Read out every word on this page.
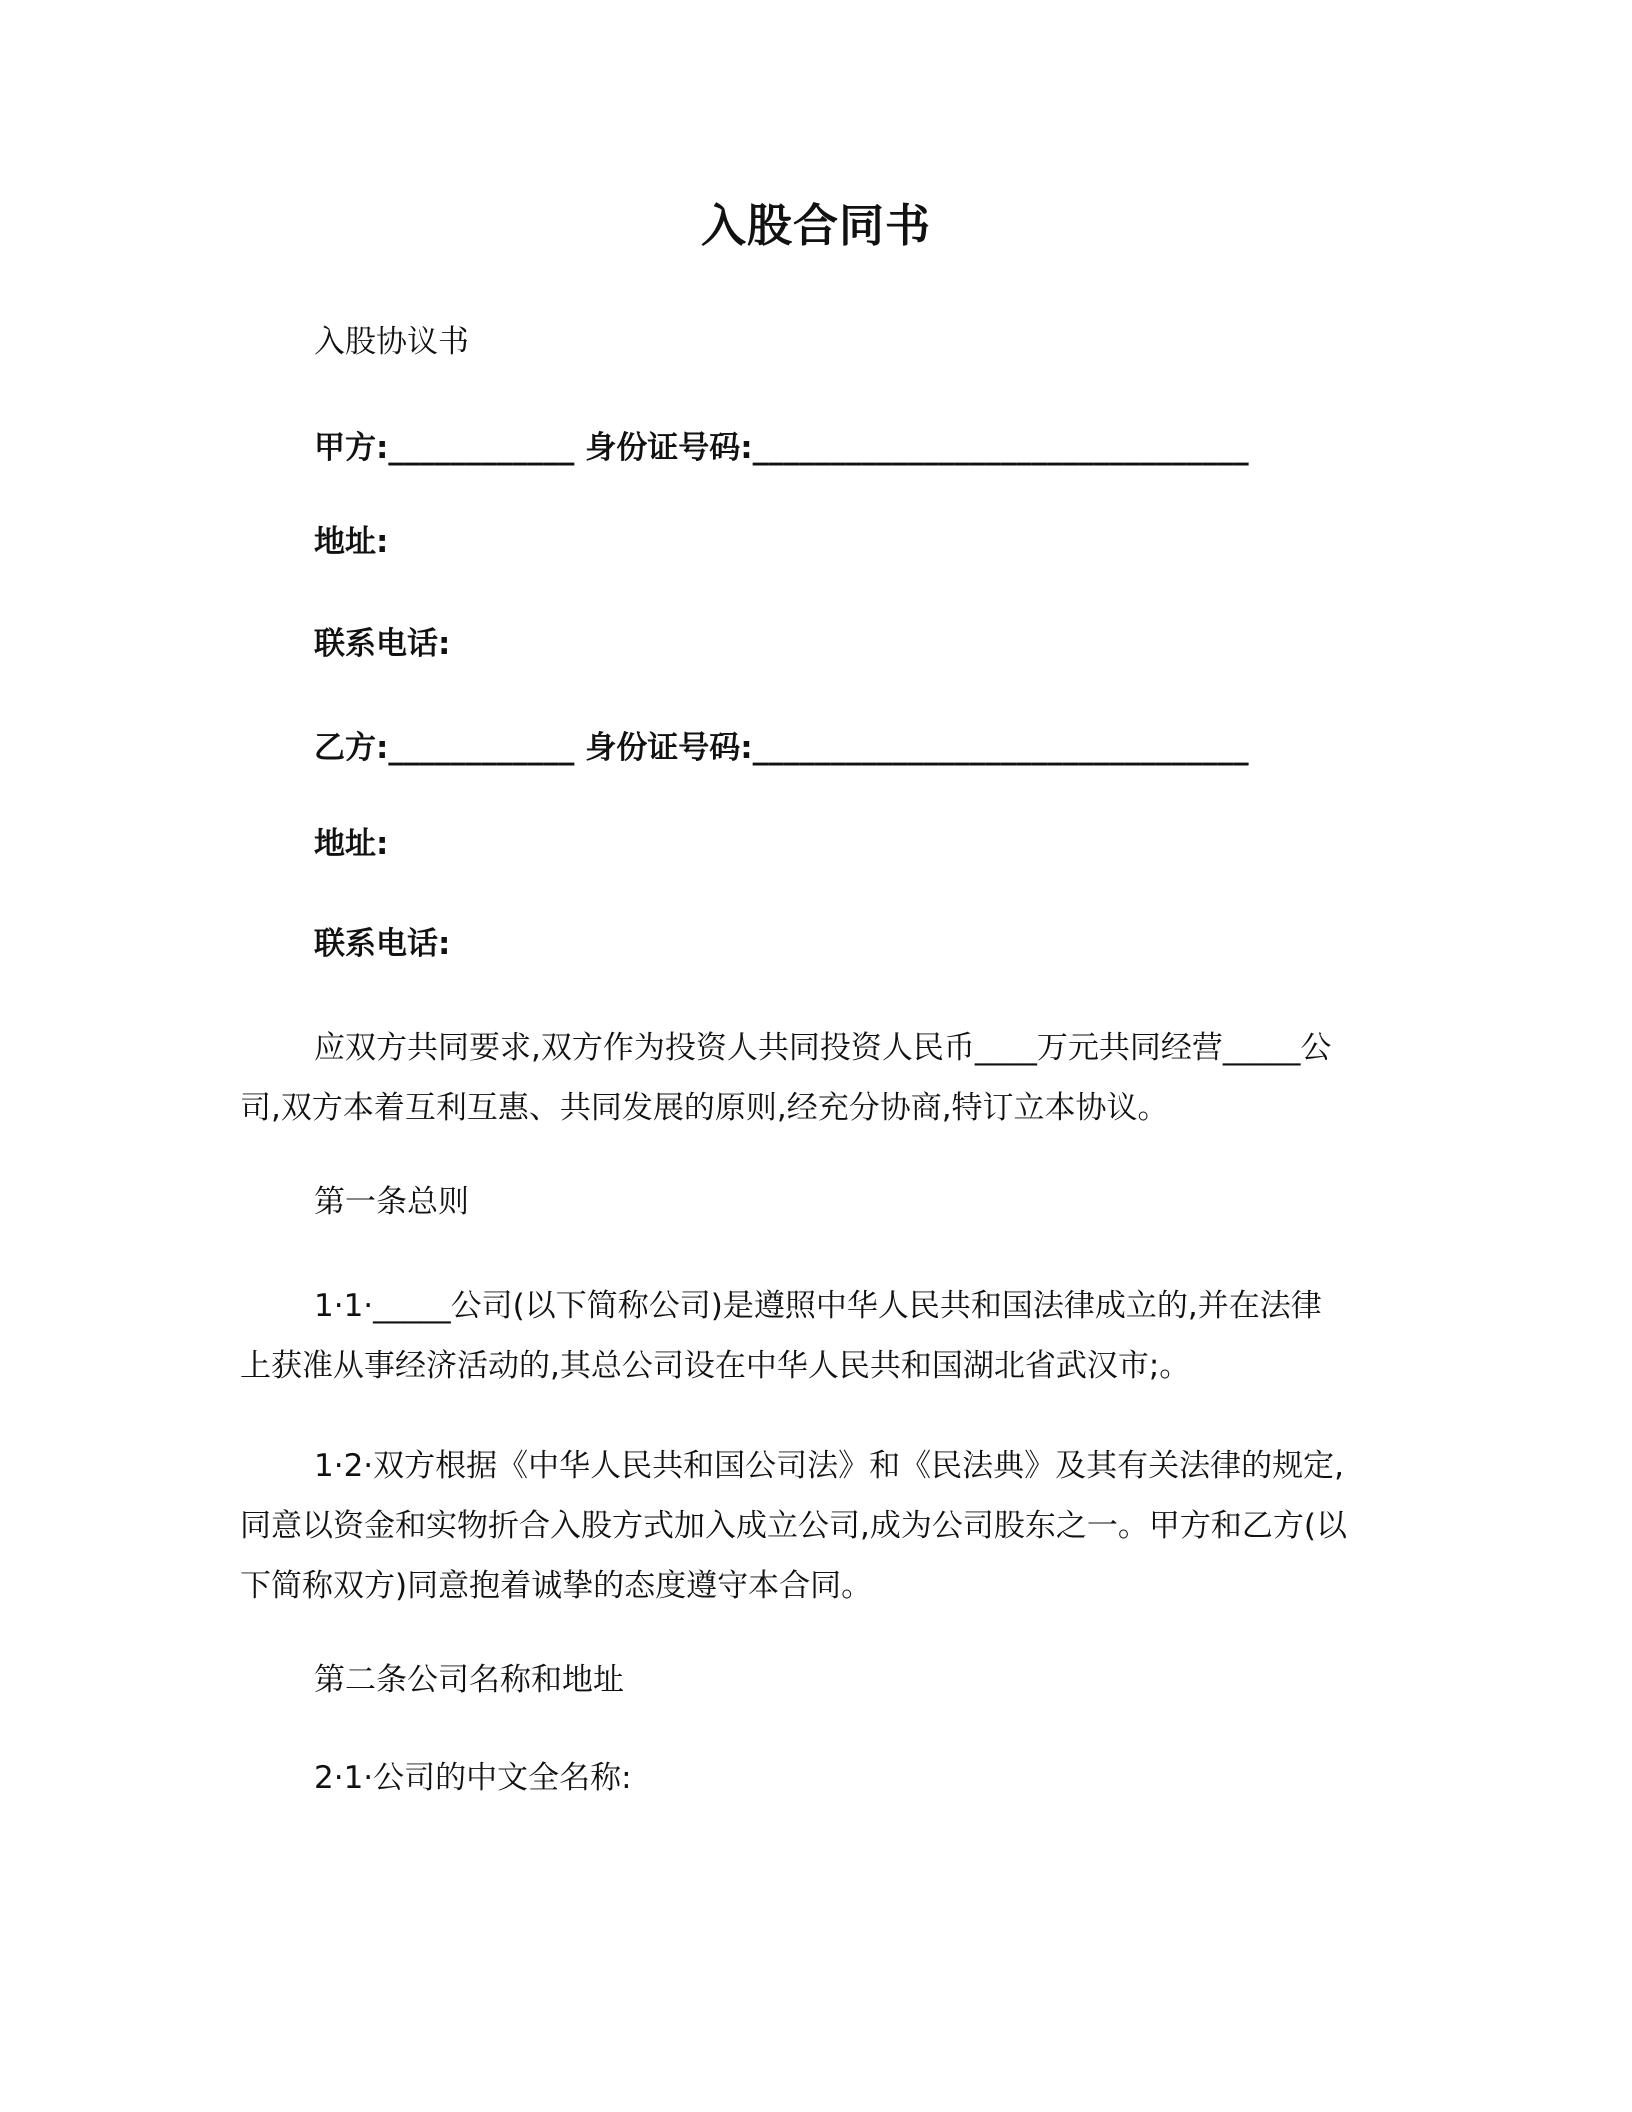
入股合同书
入股协议书
甲方:____________ 身份证号码:________________________________
地址:
联系电话:
乙方:____________ 身份证号码:________________________________
地址:
联系电话:
应双方共同要求,双方作为投资人共同投资人民币____万元共同经营_____公
司,双方本着互利互惠、共同发展的原则,经充分协商,特订立本协议。
第一条总则
1·1·_____公司(以下简称公司)是遵照中华人民共和国法律成立的,并在法律
上获准从事经济活动的,其总公司设在中华人民共和国湖北省武汉市;。
1·2·双方根据《中华人民共和国公司法》和《民法典》及其有关法律的规定,
同意以资金和实物折合入股方式加入成立公司,成为公司股东之一。甲方和乙方(以
下简称双方)同意抱着诚挚的态度遵守本合同。
第二条公司名称和地址
2·1·公司的中文全名称:
